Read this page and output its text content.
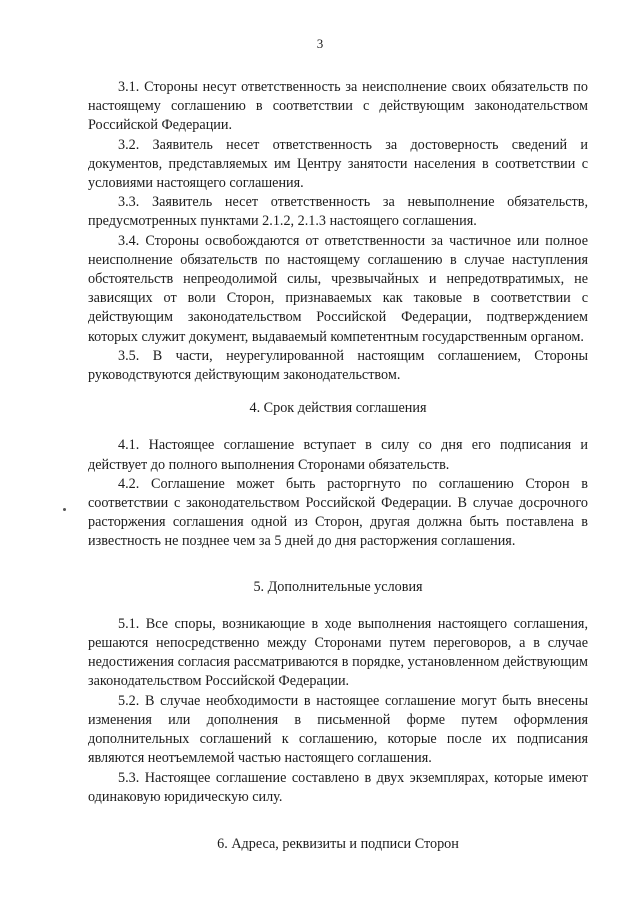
3

3.1. Стороны несут ответственность за неисполнение своих обязательств по настоящему соглашению в соответствии с действующим законодательством Российской Федерации.

3.2. Заявитель несет ответственность за достоверность сведений и документов, представляемых им Центру занятости населения в соответствии с условиями настоящего соглашения.

3.3. Заявитель несет ответственность за невыполнение обязательств, предусмотренных пунктами 2.1.2, 2.1.3 настоящего соглашения.

3.4. Стороны освобождаются от ответственности за частичное или полное неисполнение обязательств по настоящему соглашению в случае наступления обстоятельств непреодолимой силы, чрезвычайных и непредотвратимых, не зависящих от воли Сторон, признаваемых как таковые в соответствии с действующим законодательством Российской Федерации, подтверждением которых служит документ, выдаваемый компетентным государственным органом.

3.5. В части, неурегулированной настоящим соглашением, Стороны руководствуются действующим законодательством.

4. Срок действия соглашения

4.1. Настоящее соглашение вступает в силу со дня его подписания и действует до полного выполнения Сторонами обязательств.

4.2. Соглашение может быть расторгнуто по соглашению Сторон в соответствии с законодательством Российской Федерации. В случае досрочного расторжения соглашения одной из Сторон, другая должна быть поставлена в известность не позднее чем за 5 дней до дня расторжения соглашения.

5. Дополнительные условия

5.1. Все споры, возникающие в ходе выполнения настоящего соглашения, решаются непосредственно между Сторонами путем переговоров, а в случае недостижения согласия рассматриваются в порядке, установленном действующим законодательством Российской Федерации.

5.2. В случае необходимости в настоящее соглашение могут быть внесены изменения или дополнения в письменной форме путем оформления дополнительных соглашений к соглашению, которые после их подписания являются неотъемлемой частью настоящего соглашения.

5.3. Настоящее соглашение составлено в двух экземплярах, которые имеют одинаковую юридическую силу.

6. Адреса, реквизиты и подписи Сторон
